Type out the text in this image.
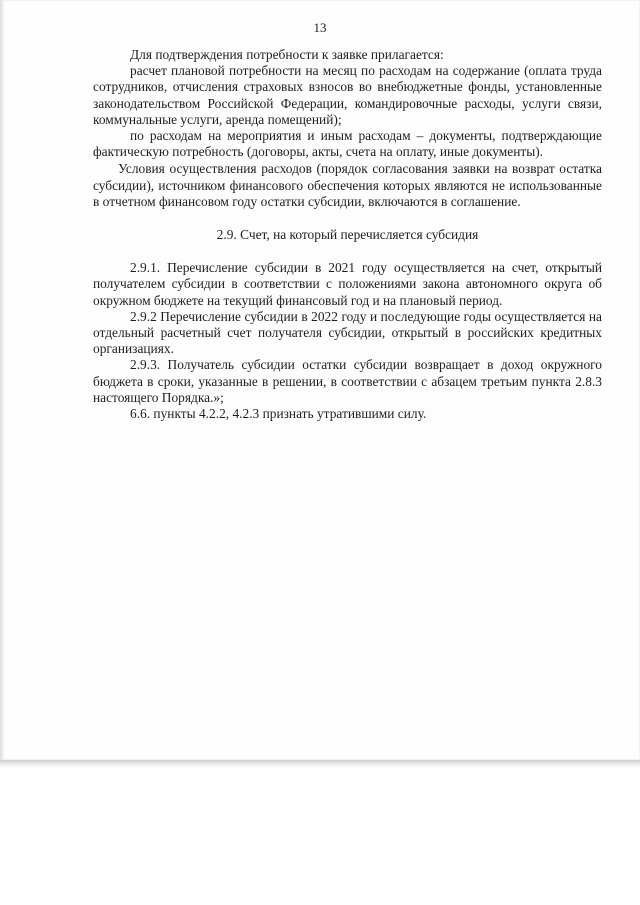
13

Для подтверждения потребности к заявке прилагается:

расчет плановой потребности на месяц по расходам на содержание (оплата труда сотрудников, отчисления страховых взносов во внебюджетные фонды, установленные законодательством Российской Федерации, командировочные расходы, услуги связи, коммунальные услуги, аренда помещений);

по расходам на мероприятия и иным расходам – документы, подтверждающие фактическую потребность (договоры, акты, счета на оплату, иные документы).

Условия осуществления расходов (порядок согласования заявки на возврат остатка субсидии), источником финансового обеспечения которых являются не использованные в отчетном финансовом году остатки субсидии, включаются в соглашение.

2.9. Счет, на который перечисляется субсидия

2.9.1. Перечисление субсидии в 2021 году осуществляется на счет, открытый получателем субсидии в соответствии с положениями закона автономного округа об окружном бюджете на текущий финансовый год и на плановый период.

2.9.2 Перечисление субсидии в 2022 году и последующие годы осуществляется на отдельный расчетный счет получателя субсидии, открытый в российских кредитных организациях.

2.9.3. Получатель субсидии остатки субсидии возвращает в доход окружного бюджета в сроки, указанные в решении, в соответствии с абзацем третьим пункта 2.8.3 настоящего Порядка.»;

6.6. пункты 4.2.2, 4.2.3 признать утратившими силу.
